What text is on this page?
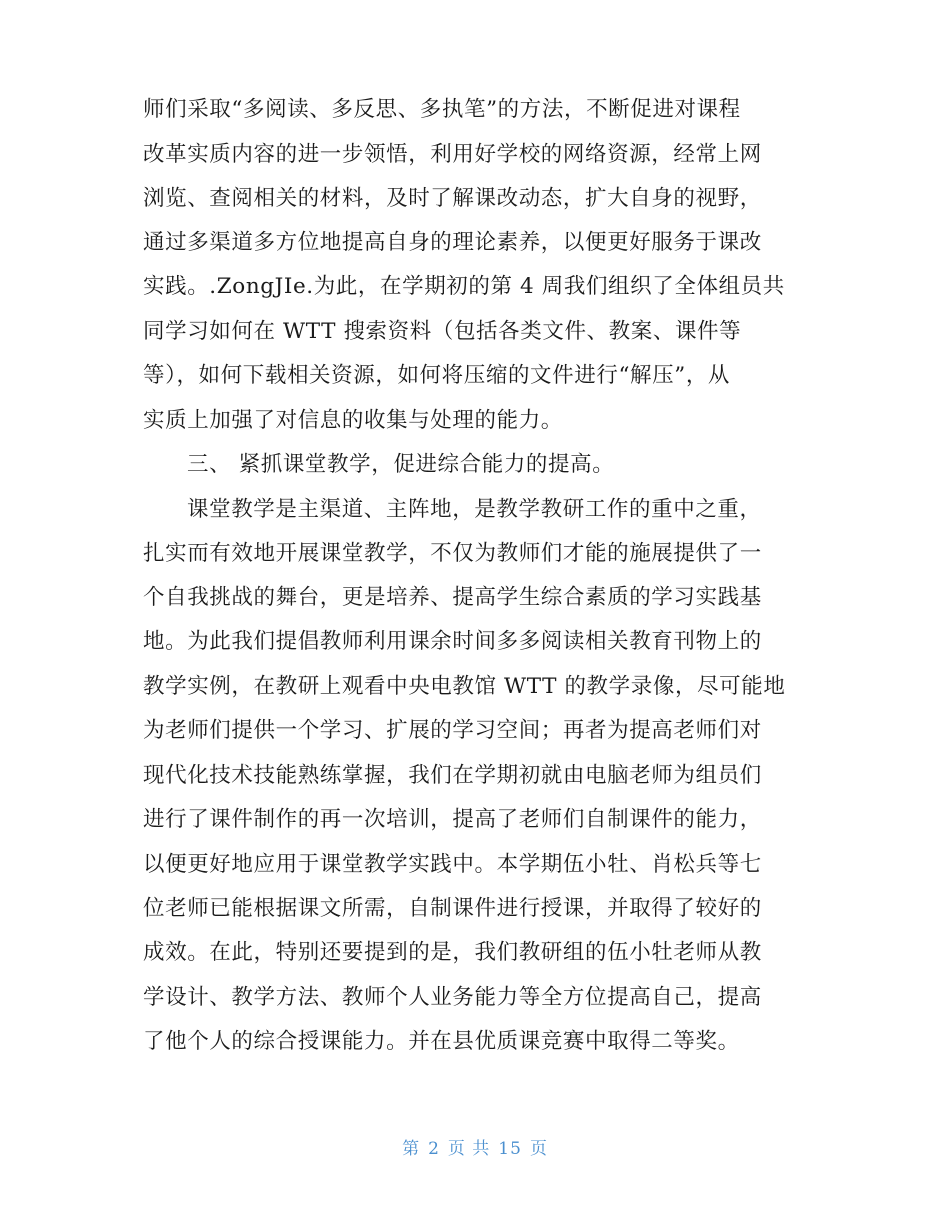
师们采取“多阅读、多反思、多执笔”的方法，不断促进对课程
改革实质内容的进一步领悟，利用好学校的网络资源，经常上网
浏览、查阅相关的材料，及时了解课改动态，扩大自身的视野，
通过多渠道多方位地提高自身的理论素养，以便更好服务于课改
实践。.ZongJIe.为此，在学期初的第 4 周我们组织了全体组员共
同学习如何在 WTT 搜索资料（包括各类文件、教案、课件等
等），如何下载相关资源，如何将压缩的文件进行“解压”，从
实质上加强了对信息的收集与处理的能力。
三、 紧抓课堂教学，促进综合能力的提高。
课堂教学是主渠道、主阵地，是教学教研工作的重中之重，
扎实而有效地开展课堂教学，不仅为教师们才能的施展提供了一
个自我挑战的舞台，更是培养、提高学生综合素质的学习实践基
地。为此我们提倡教师利用课余时间多多阅读相关教育刊物上的
教学实例，在教研上观看中央电教馆 WTT 的教学录像，尽可能地
为老师们提供一个学习、扩展的学习空间；再者为提高老师们对
现代化技术技能熟练掌握，我们在学期初就由电脑老师为组员们
进行了课件制作的再一次培训，提高了老师们自制课件的能力，
以便更好地应用于课堂教学实践中。本学期伍小牡、肖松兵等七
位老师已能根据课文所需，自制课件进行授课，并取得了较好的
成效。在此，特别还要提到的是，我们教研组的伍小牡老师从教
学设计、教学方法、教师个人业务能力等全方位提高自己，提高
了他个人的综合授课能力。并在县优质课竞赛中取得二等奖。
第 2 页 共 15 页
